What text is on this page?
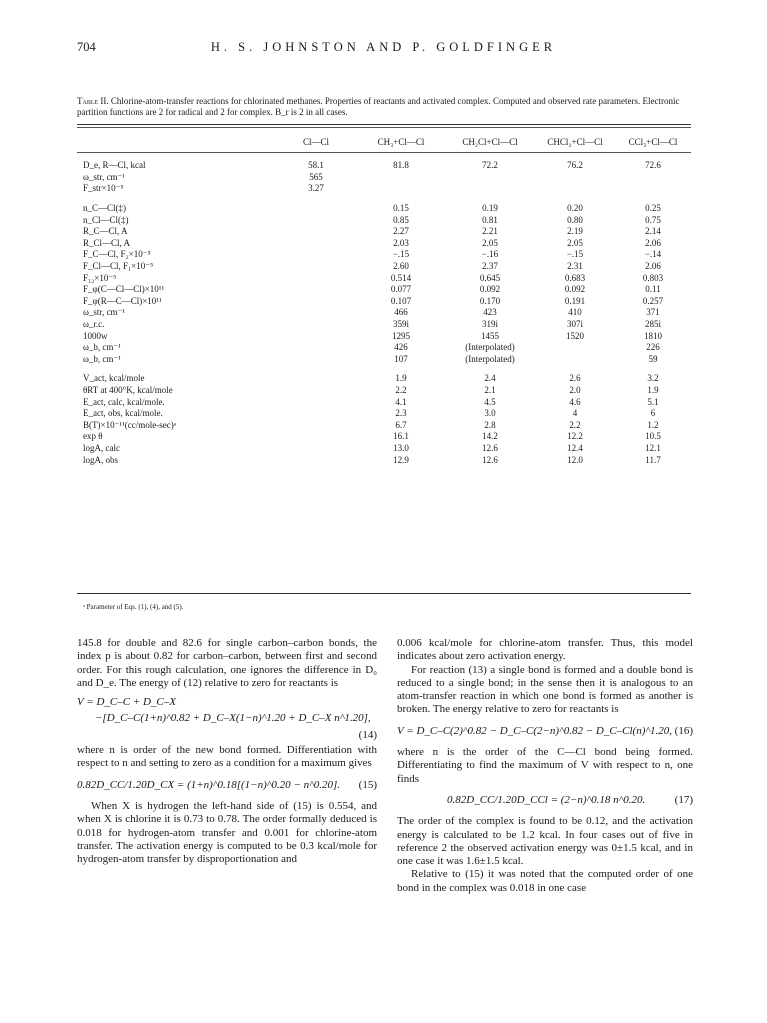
704	H. S. JOHNSTON AND P. GOLDFINGER
Table II. Chlorine-atom-transfer reactions for chlorinated methanes. Properties of reactants and activated complex. Computed and observed rate parameters. Electronic partition functions are 2 for radical and 2 for complex. B_r is 2 in all cases.
	Cl—Cl	CH₃+Cl—Cl	CH₂Cl+Cl—Cl	CHCl₂+Cl—Cl	CCl₃+Cl—Cl

D_e, R—Cl, kcal	58.1	81.8	72.2	76.2	72.6
ω_str, cm⁻¹	565				
F_str×10⁻⁵	3.27				

n_C—Cl(‡)		0.15	0.19	0.20	0.25
n_Cl—Cl(‡)		0.85	0.81	0.80	0.75
R_C—Cl, A		2.27	2.21	2.19	2.14
R_Cl—Cl, A		2.03	2.05	2.05	2.06
F_C—Cl, F₂×10⁻⁵		−.15	−.16	−.15	−.14
F_Cl—Cl, F₁×10⁻⁵		2.60	2.37	2.31	2.06
F₁₂×10⁻⁵		0.514	0.645	0.683	0.803
F_φ(C—Cl—Cl)×10¹¹		0.077	0.092	0.092	0.11
F_φ(R—C—Cl)×10¹¹		0.107	0.170	0.191	0.257
ω_str, cm⁻¹		466	423	410	371
ω_r.c.		359i	319i	307i	285i
1000w		1295	1455	1520	1810
ω_b, cm⁻¹		426	(Interpolated)		226
ω_b, cm⁻¹		107	(Interpolated)		59

V_act, kcal/mole		1.9	2.4	2.6	3.2
θRT at 400°K, kcal/mole		2.2	2.1	2.0	1.9
E_act, calc, kcal/mole.		4.1	4.5	4.6	5.1
E_act, obs, kcal/mole.		2.3	3.0	4	6
B(T)×10⁻¹¹(cc/mole-sec)ᵃ		6.7	2.8	2.2	1.2
exp θ		16.1	14.2	12.2	10.5
logA, calc		13.0	12.6	12.4	12.1
logA, obs		12.9	12.6	12.0	11.7

ᵃ Parameter of Eqs. (1), (4), and (5).

145.8 for double and 82.6 for single carbon–carbon bonds, the index p is about 0.82 for carbon–carbon, between first and second order. For this rough calculation, one ignores the difference in D₀ and D_e. The energy of (12) relative to zero for reactants is

V = D_C–C + D_C–X
−[D_C–C(1+n)^0.82 + D_C–X(1−n)^1.20 + D_C–X n^1.20],
(14)

where n is order of the new bond formed. Differentiation with respect to n and setting to zero as a condition for a maximum gives

0.82D_CC/1.20D_CX = (1+n)^0.18[(1−n)^0.20 − n^0.20]. (15)

When X is hydrogen the left-hand side of (15) is 0.554, and when X is chlorine it is 0.73 to 0.78. The order formally deduced is 0.018 for hydrogen-atom transfer and 0.001 for chlorine-atom transfer. The activation energy is computed to be 0.3 kcal/mole for hydrogen-atom transfer by disproportionation and

0.006 kcal/mole for chlorine-atom transfer. Thus, this model indicates about zero activation energy.

For reaction (13) a single bond is formed and a double bond is reduced to a single bond; in the sense then it is analogous to an atom-transfer reaction in which one bond is formed as another is broken. The energy relative to zero for reactants is

V = D_C–C(2)^0.82 − D_C–C(2−n)^0.82 − D_C–Cl(n)^1.20, (16)

where n is the order of the C—Cl bond being formed. Differentiating to find the maximum of V with respect to n, one finds

0.82D_CC/1.20D_CCl = (2−n)^0.18 n^0.20.	(17)

The order of the complex is found to be 0.12, and the activation energy is calculated to be 1.2 kcal. In four cases out of five in reference 2 the observed activation energy was 0±1.5 kcal, and in one case it was 1.6±1.5 kcal.

Relative to (15) it was noted that the computed order of one bond in the complex was 0.018 in one case
